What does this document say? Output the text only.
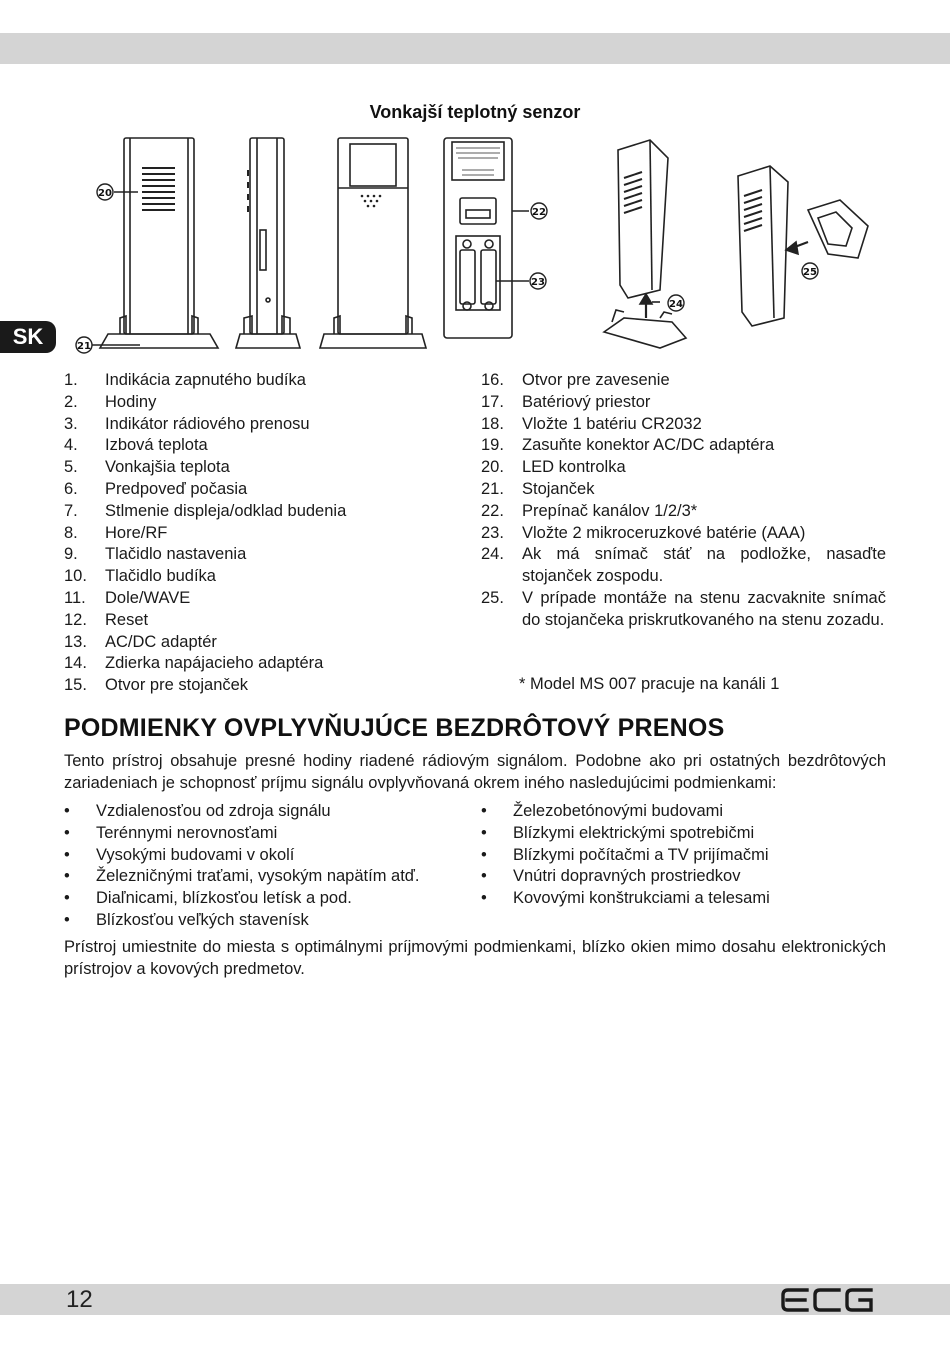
Vonkajší teplotný senzor
SK
20
21
22
23
24
25
1. Indikácia zapnutého budíka
2. Hodiny
3. Indikátor rádiového prenosu
4. Izbová teplota
5. Vonkajšia teplota
6. Predpoveď počasia
7. Stlmenie displeja/odklad budenia
8. Hore/RF
9. Tlačidlo nastavenia
10. Tlačidlo budíka
11. Dole/WAVE
12. Reset
13. AC/DC adaptér
14. Zdierka napájacieho adaptéra
15. Otvor pre stojanček
16. Otvor pre zavesenie
17. Batériový priestor
18. Vložte 1 batériu CR2032
19. Zasuňte konektor AC/DC adaptéra
20. LED kontrolka
21. Stojanček
22. Prepínač kanálov 1/2/3*
23. Vložte 2 mikroceruzkové batérie (AAA)
24. Ak má snímač stáť na podložke, nasaďte stojanček zospodu.
25. V prípade montáže na stenu zacvaknite snímač do stojančeka priskrutkovaného na stenu zozadu.
* Model MS 007 pracuje na kanáli 1
PODMIENKY OVPLYVŇUJÚCE BEZDRÔTOVÝ PRENOS

Tento prístroj obsahuje presné hodiny riadené rádiovým signálom. Podobne ako pri ostatných bezdrôtových zariadeniach je schopnosť príjmu signálu ovplyvňovaná okrem iného nasledujúcimi podmienkami:

• Vzdialenosťou od zdroja signálu
• Terénnymi nerovnosťami
• Vysokými budovami v okolí
• Železničnými traťami, vysokým napätím atď.
• Diaľnicami, blízkosťou letísk a pod.
• Blízkosťou veľkých stavenísk
• Železobetónovými budovami
• Blízkymi elektrickými spotrebičmi
• Blízkymi počítačmi a TV prijímačmi
• Vnútri dopravných prostriedkov
• Kovovými konštrukciami a telesami

Prístroj umiestnite do miesta s optimálnymi príjmovými podmienkami, blízko okien mimo dosahu elektronických prístrojov a kovových predmetov.

12
